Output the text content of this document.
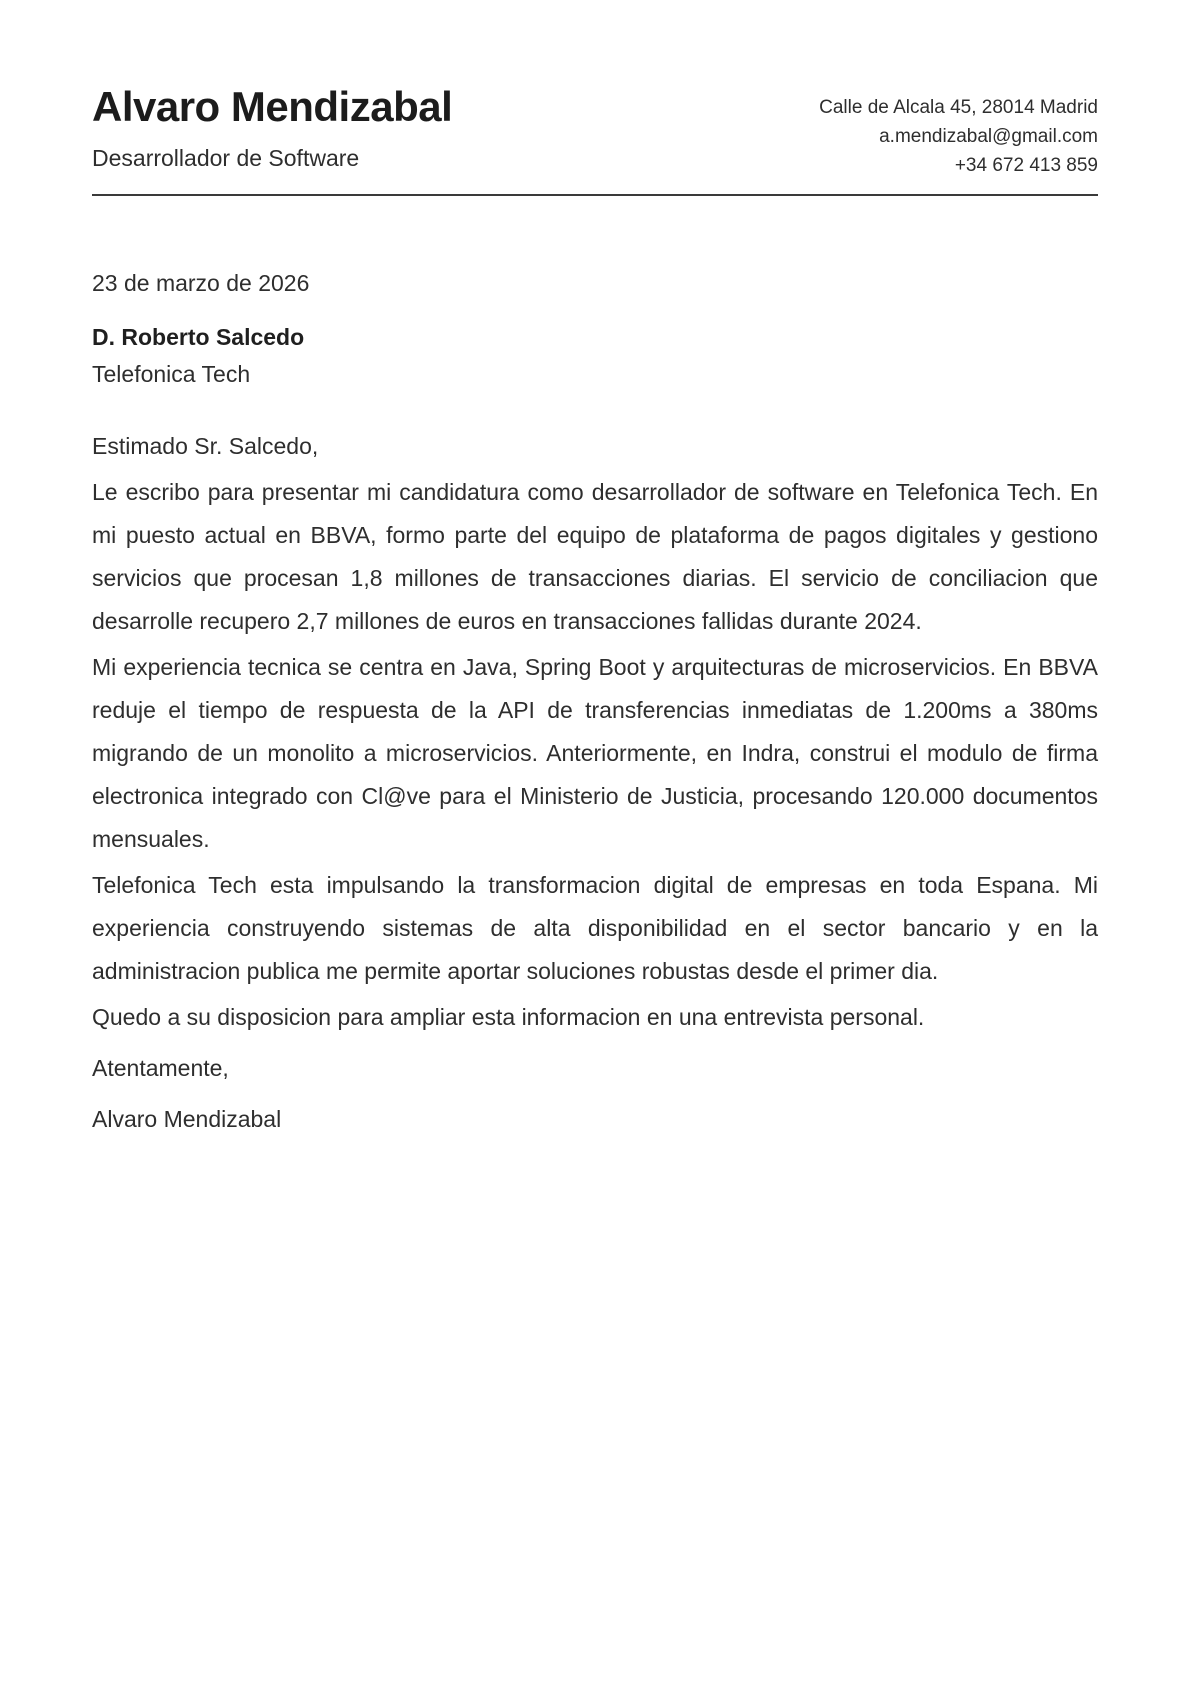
Alvaro Mendizabal
Desarrollador de Software
Calle de Alcala 45, 28014 Madrid
a.mendizabal@gmail.com
+34 672 413 859

23 de marzo de 2026

D. Roberto Salcedo

Telefonica Tech

Estimado Sr. Salcedo,

Le escribo para presentar mi candidatura como desarrollador de software en Telefonica Tech. En mi puesto actual en BBVA, formo parte del equipo de plataforma de pagos digitales y gestiono servicios que procesan 1,8 millones de transacciones diarias. El servicio de conciliacion que desarrolle recupero 2,7 millones de euros en transacciones fallidas durante 2024.

Mi experiencia tecnica se centra en Java, Spring Boot y arquitecturas de microservicios. En BBVA reduje el tiempo de respuesta de la API de transferencias inmediatas de 1.200ms a 380ms migrando de un monolito a microservicios. Anteriormente, en Indra, construi el modulo de firma electronica integrado con Cl@ve para el Ministerio de Justicia, procesando 120.000 documentos mensuales.

Telefonica Tech esta impulsando la transformacion digital de empresas en toda Espana. Mi experiencia construyendo sistemas de alta disponibilidad en el sector bancario y en la administracion publica me permite aportar soluciones robustas desde el primer dia.

Quedo a su disposicion para ampliar esta informacion en una entrevista personal.

Atentamente,

Alvaro Mendizabal
